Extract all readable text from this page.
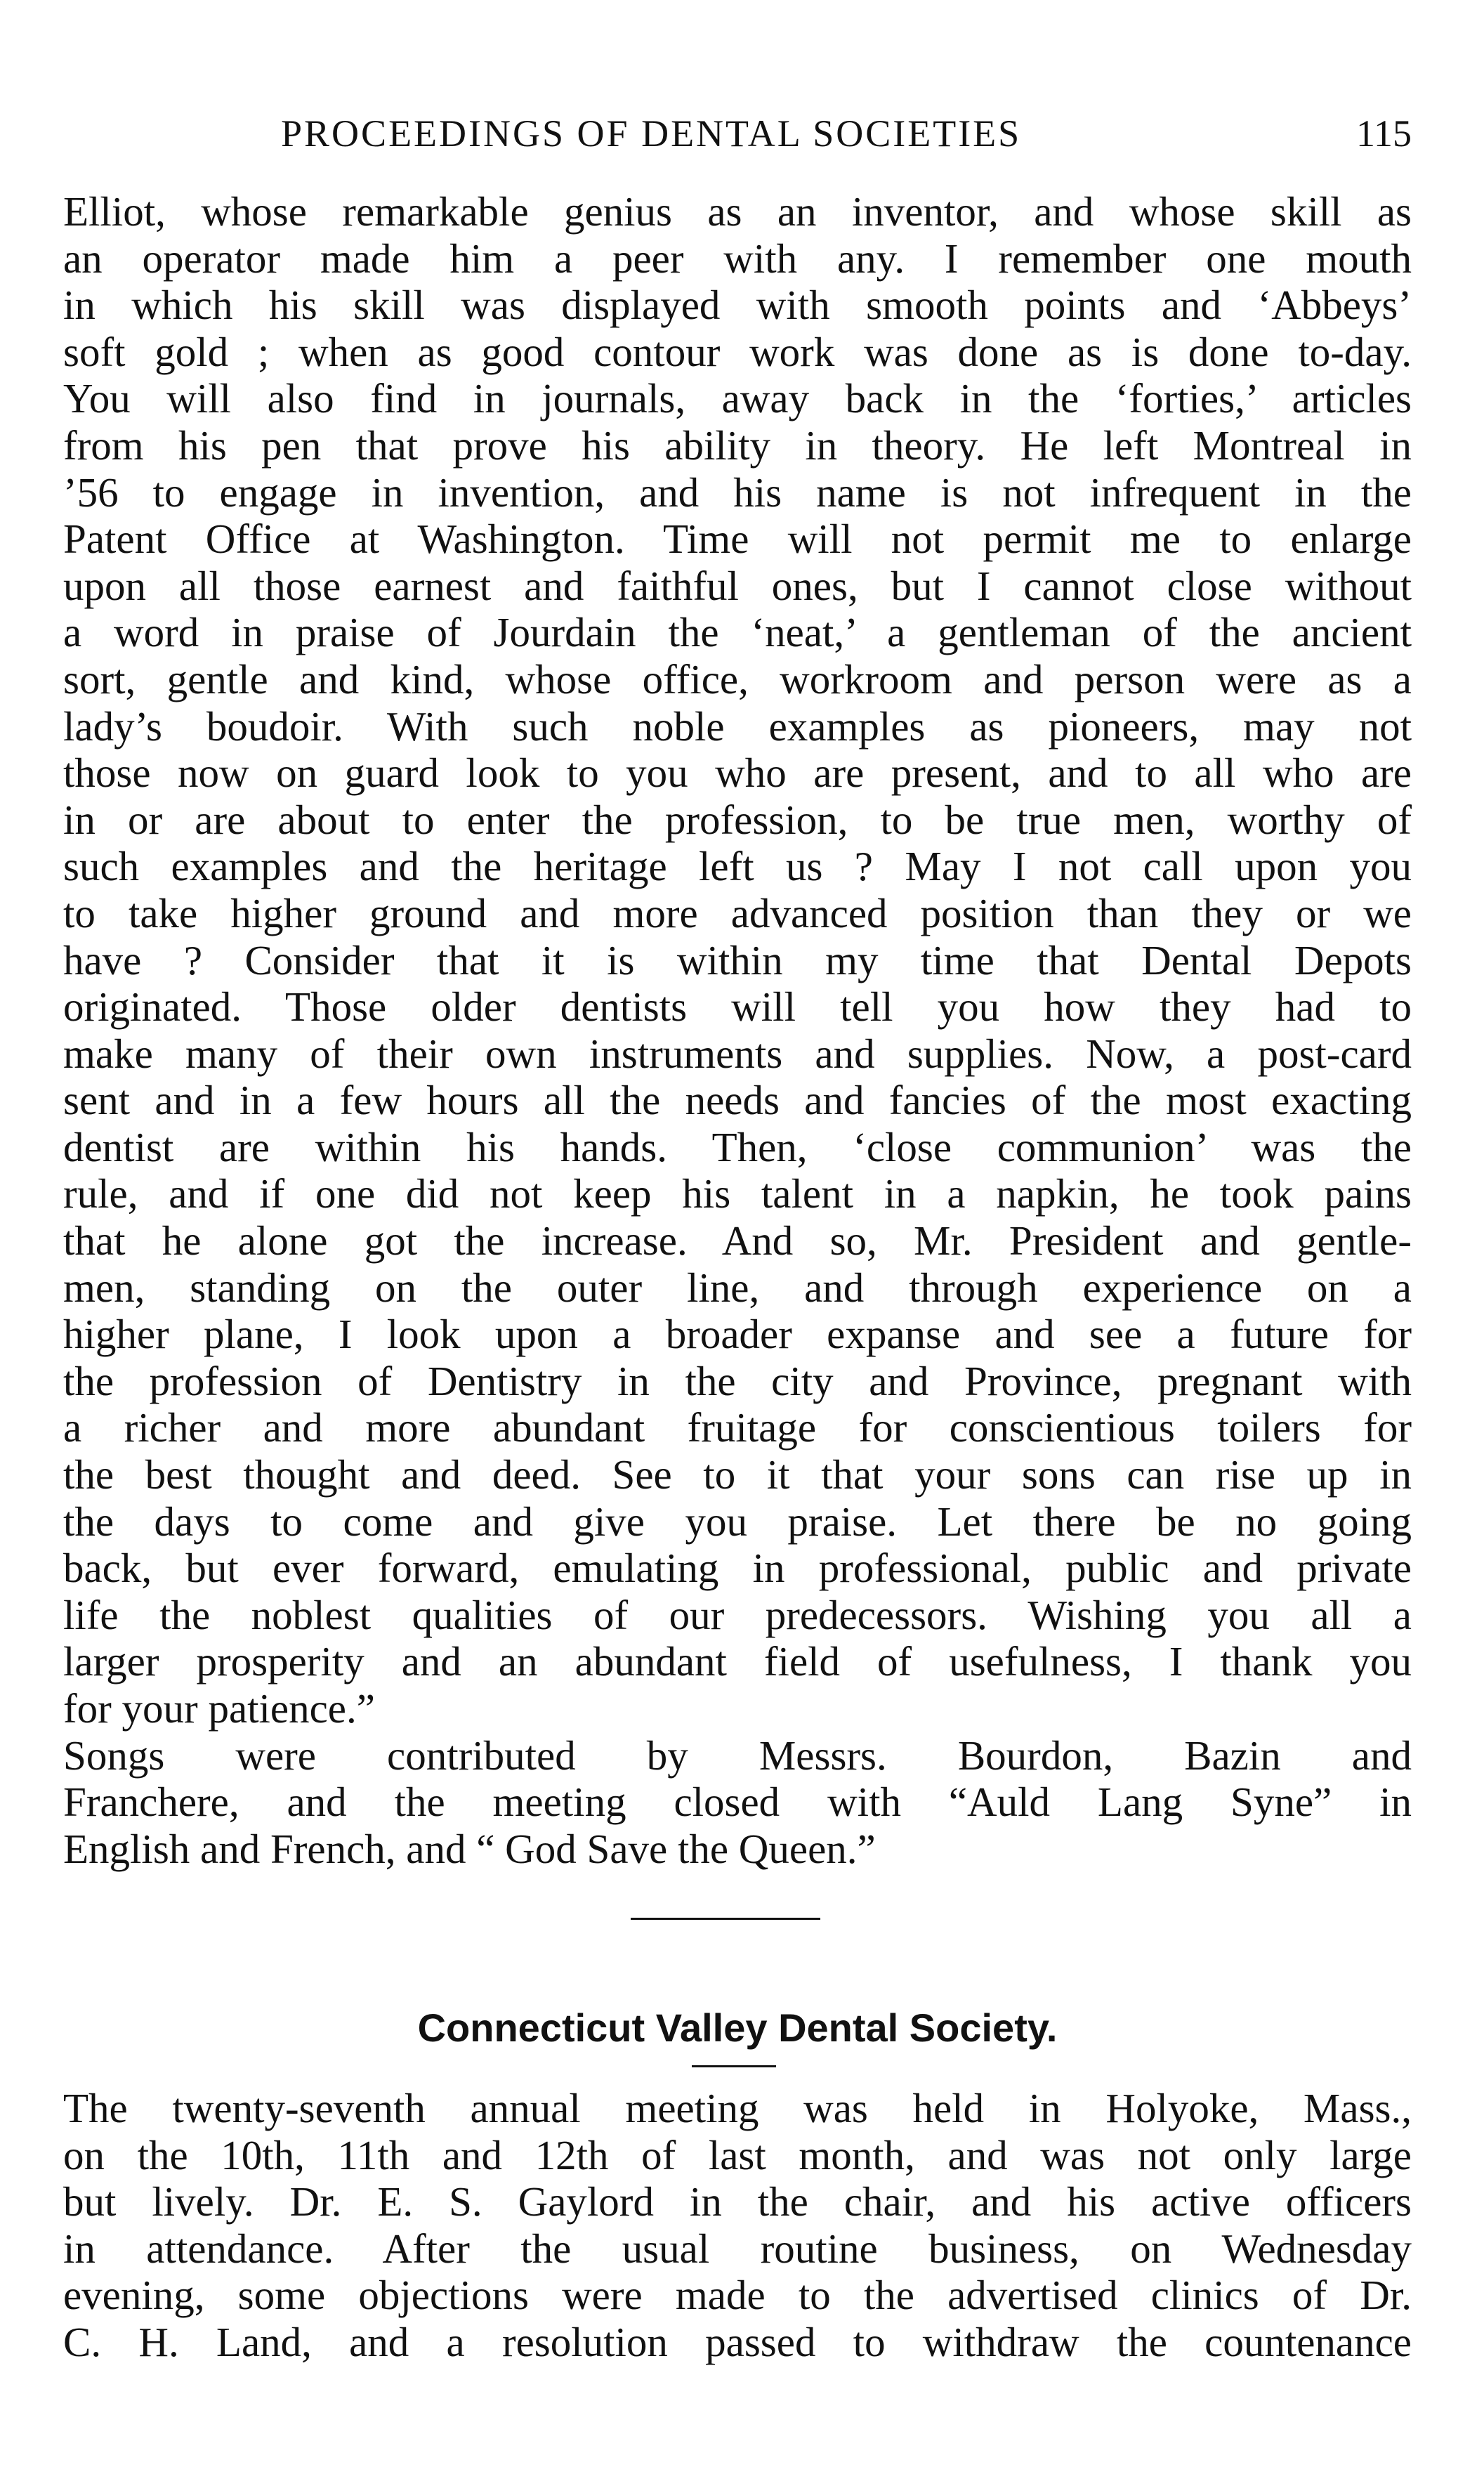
PROCEEDINGS OF DENTAL SOCIETIES	115

Elliot, whose remarkable genius as an inventor, and whose skill as
an operator made him a peer with any. I remember one mouth
in which his skill was displayed with smooth points and ‘Abbeys’
soft gold ; when as good contour work was done as is done to-day.
You will also find in journals, away back in the ‘forties,’ articles
from his pen that prove his ability in theory. He left Montreal in
’56 to engage in invention, and his name is not infrequent in the
Patent Office at Washington. Time will not permit me to enlarge
upon all those earnest and faithful ones, but I cannot close without
a word in praise of Jourdain the ‘neat,’ a gentleman of the ancient
sort, gentle and kind, whose office, workroom and person were as a
lady’s boudoir. With such noble examples as pioneers, may not
those now on guard look to you who are present, and to all who are
in or are about to enter the profession, to be true men, worthy of
such examples and the heritage left us ? May I not call upon you
to take higher ground and more advanced position than they or we
have ? Consider that it is within my time that Dental Depots
originated. Those older dentists will tell you how they had to
make many of their own instruments and supplies. Now, a post-card
sent and in a few hours all the needs and fancies of the most exacting
dentist are within his hands. Then, ‘close communion’ was the
rule, and if one did not keep his talent in a napkin, he took pains
that he alone got the increase. And so, Mr. President and gentle-
men, standing on the outer line, and through experience on a
higher plane, I look upon a broader expanse and see a future for
the profession of Dentistry in the city and Province, pregnant with
a richer and more abundant fruitage for conscientious toilers for
the best thought and deed. See to it that your sons can rise up in
the days to come and give you praise. Let there be no going
back, but ever forward, emulating in professional, public and private
life the noblest qualities of our predecessors. Wishing you all a
larger prosperity and an abundant field of usefulness, I thank you
for your patience.”

Songs were contributed by Messrs. Bourdon, Bazin and
Franchere, and the meeting closed with “Auld Lang Syne” in
English and French, and “ God Save the Queen.”

Connecticut Valley Dental Society.
The twenty-seventh annual meeting was held in Holyoke, Mass.,
on the 10th, 11th and 12th of last month, and was not only large
but lively. Dr. E. S. Gaylord in the chair, and his active officers
in attendance. After the usual routine business, on Wednesday
evening, some objections were made to the advertised clinics of Dr.
C. H. Land, and a resolution passed to withdraw the countenance
